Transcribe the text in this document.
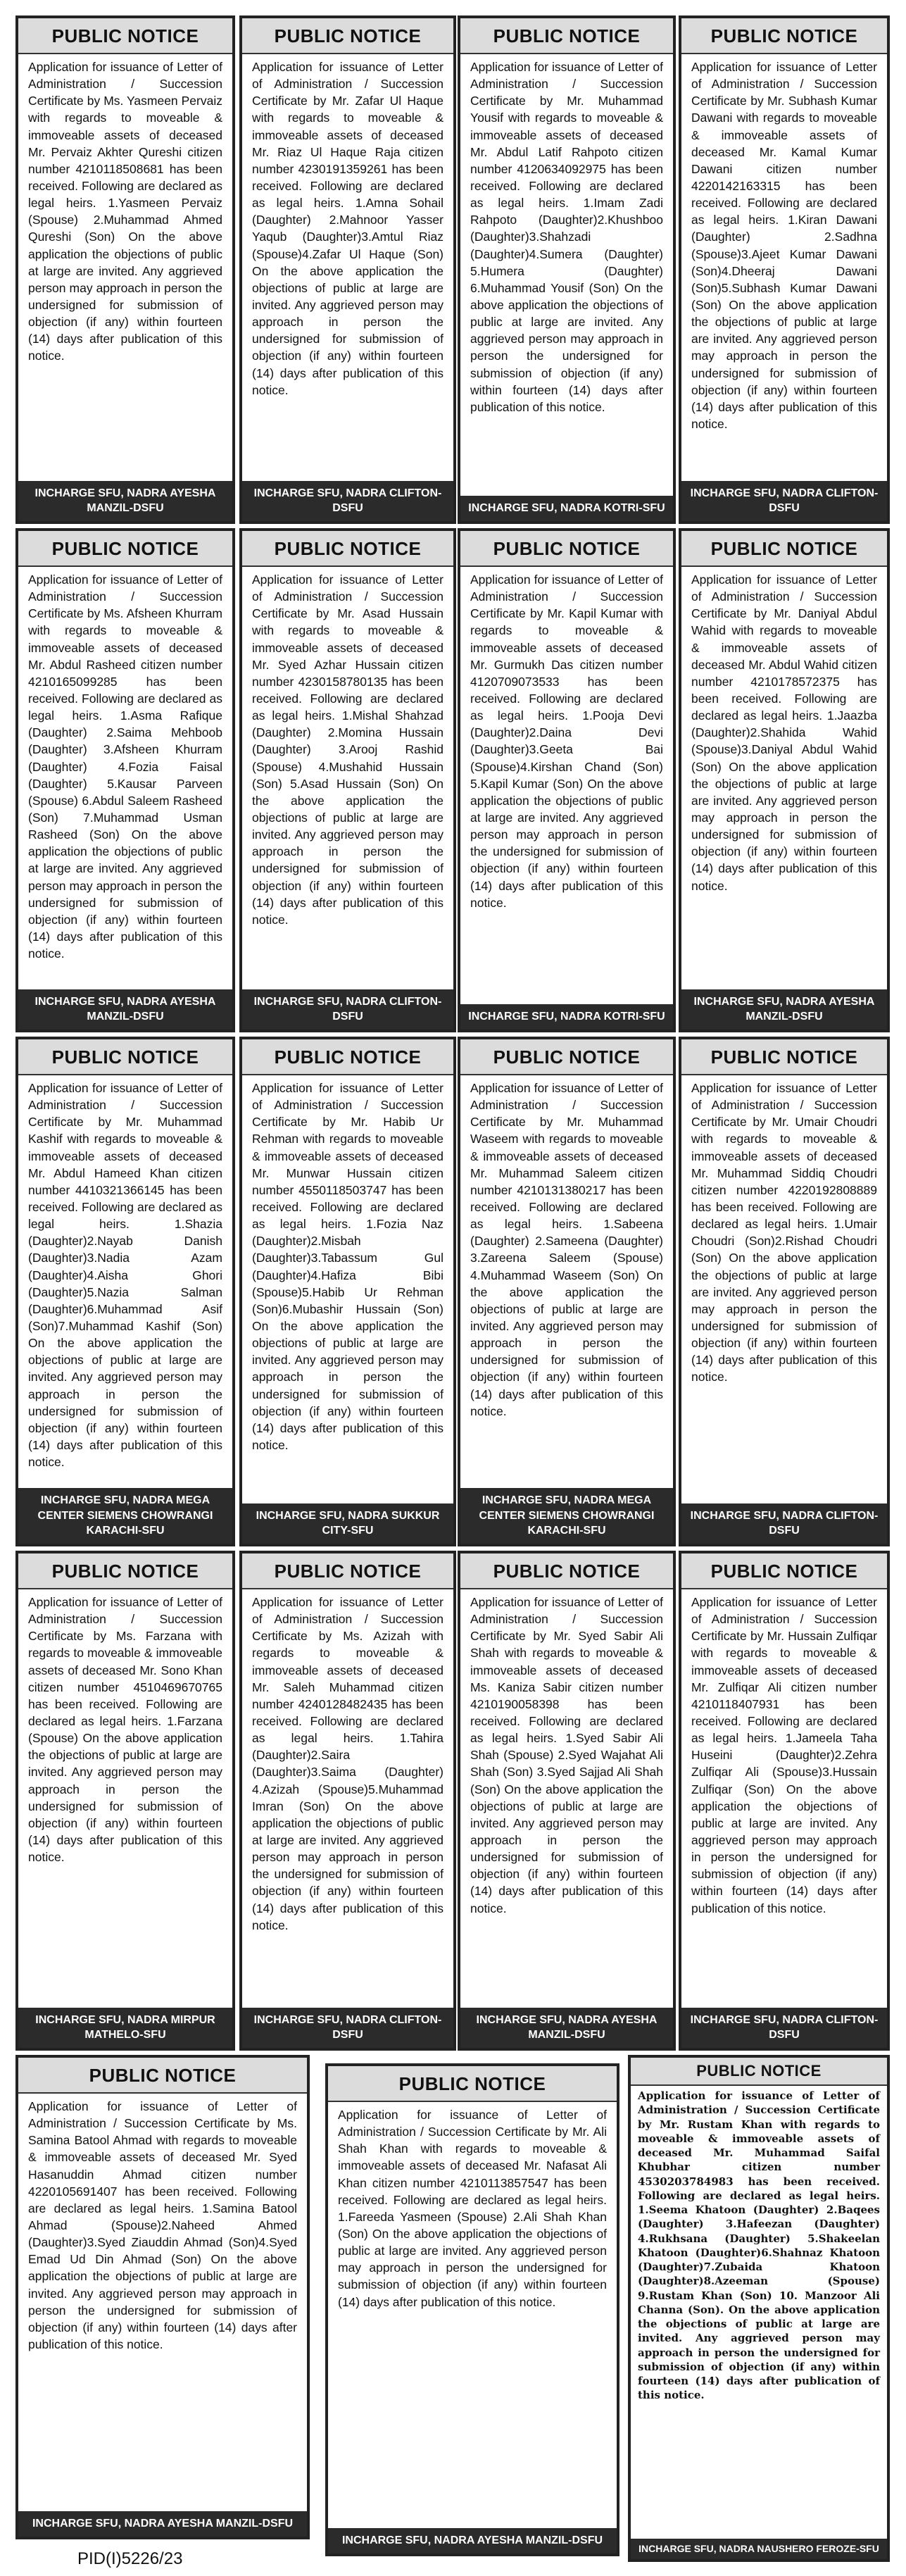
PUBLIC NOTICE
Application for issuance of Letter of Administration / Succession Certificate by Ms. Yasmeen Pervaiz with regards to moveable & immoveable assets of deceased Mr. Pervaiz Akhter Qureshi citizen number 4210118508681 has been received. Following are declared as legal heirs. 1.Yasmeen Pervaiz (Spouse) 2.Muhammad Ahmed Qureshi (Son) On the above application the objections of public at large are invited. Any aggrieved person may approach in person the undersigned for submission of objection (if any) within fourteen (14) days after publication of this notice.
INCHARGE SFU, NADRA AYESHA MANZIL-DSFU
PUBLIC NOTICE
Application for issuance of Letter of Administration / Succession Certificate by Mr. Zafar Ul Haque with regards to moveable & immoveable assets of deceased Mr. Riaz Ul Haque Raja citizen number 4230191359261 has been received. Following are declared as legal heirs. 1.Amna Sohail (Daughter) 2.Mahnoor Yasser Yaqub (Daughter)3.Amtul Riaz (Spouse)4.Zafar Ul Haque (Son) On the above application the objections of public at large are invited. Any aggrieved person may approach in person the undersigned for submission of objection (if any) within fourteen (14) days after publication of this notice.
INCHARGE SFU, NADRA CLIFTON-DSFU
PUBLIC NOTICE
Application for issuance of Letter of Administration / Succession Certificate by Mr. Muhammad Yousif with regards to moveable & immoveable assets of deceased Mr. Abdul Latif Rahpoto citizen number 4120634092975 has been received. Following are declared as legal heirs. 1.Imam Zadi Rahpoto (Daughter)2.Khushboo (Daughter)3.Shahzadi (Daughter)4.Sumera (Daughter) 5.Humera (Daughter) 6.Muhammad Yousif (Son) On the above application the objections of public at large are invited. Any aggrieved person may approach in person the undersigned for submission of objection (if any) within fourteen (14) days after publication of this notice.
INCHARGE SFU, NADRA KOTRI-SFU
PUBLIC NOTICE
Application for issuance of Letter of Administration / Succession Certificate by Mr. Subhash Kumar Dawani with regards to moveable & immoveable assets of deceased Mr. Kamal Kumar Dawani citizen number 4220142163315 has been received. Following are declared as legal heirs. 1.Kiran Dawani (Daughter) 2.Sadhna (Spouse)3.Ajeet Kumar Dawani (Son)4.Dheeraj Dawani (Son)5.Subhash Kumar Dawani (Son) On the above application the objections of public at large are invited. Any aggrieved person may approach in person the undersigned for submission of objection (if any) within fourteen (14) days after publication of this notice.
INCHARGE SFU, NADRA CLIFTON-DSFU
PUBLIC NOTICE
Application for issuance of Letter of Administration / Succession Certificate by Ms. Afsheen Khurram with regards to moveable & immoveable assets of deceased Mr. Abdul Rasheed citizen number 4210165099285 has been received. Following are declared as legal heirs. 1.Asma Rafique (Daughter) 2.Saima Mehboob (Daughter) 3.Afsheen Khurram (Daughter) 4.Fozia Faisal (Daughter) 5.Kausar Parveen (Spouse) 6.Abdul Saleem Rasheed (Son) 7.Muhammad Usman Rasheed (Son) On the above application the objections of public at large are invited. Any aggrieved person may approach in person the undersigned for submission of objection (if any) within fourteen (14) days after publication of this notice.
INCHARGE SFU, NADRA AYESHA MANZIL-DSFU
PUBLIC NOTICE
Application for issuance of Letter of Administration / Succession Certificate by Mr. Asad Hussain with regards to moveable & immoveable assets of deceased Mr. Syed Azhar Hussain citizen number 4230158780135 has been received. Following are declared as legal heirs. 1.Mishal Shahzad (Daughter) 2.Momina Hussain (Daughter) 3.Arooj Rashid (Spouse) 4.Mushahid Hussain (Son) 5.Asad Hussain (Son) On the above application the objections of public at large are invited. Any aggrieved person may approach in person the undersigned for submission of objection (if any) within fourteen (14) days after publication of this notice.
INCHARGE SFU, NADRA CLIFTON-DSFU
PUBLIC NOTICE
Application for issuance of Letter of Administration / Succession Certificate by Mr. Kapil Kumar with regards to moveable & immoveable assets of deceased Mr. Gurmukh Das citizen number 4120709073533 has been received. Following are declared as legal heirs. 1.Pooja Devi (Daughter)2.Daina Devi (Daughter)3.Geeta Bai (Spouse)4.Kirshan Chand (Son) 5.Kapil Kumar (Son) On the above application the objections of public at large are invited. Any aggrieved person may approach in person the undersigned for submission of objection (if any) within fourteen (14) days after publication of this notice.
INCHARGE SFU, NADRA KOTRI-SFU
PUBLIC NOTICE
Application for issuance of Letter of Administration / Succession Certificate by Mr. Daniyal Abdul Wahid with regards to moveable & immoveable assets of deceased Mr. Abdul Wahid citizen number 4210178572375 has been received. Following are declared as legal heirs. 1.Jaazba (Daughter)2.Shahida Wahid (Spouse)3.Daniyal Abdul Wahid (Son) On the above application the objections of public at large are invited. Any aggrieved person may approach in person the undersigned for submission of objection (if any) within fourteen (14) days after publication of this notice.
INCHARGE SFU, NADRA AYESHA MANZIL-DSFU
PUBLIC NOTICE
Application for issuance of Letter of Administration / Succession Certificate by Mr. Muhammad Kashif with regards to moveable & immoveable assets of deceased Mr. Abdul Hameed Khan citizen number 4410321366145 has been received. Following are declared as legal heirs. 1.Shazia (Daughter)2.Nayab Danish (Daughter)3.Nadia Azam (Daughter)4.Aisha Ghori (Daughter)5.Nazia Salman (Daughter)6.Muhammad Asif (Son)7.Muhammad Kashif (Son) On the above application the objections of public at large are invited. Any aggrieved person may approach in person the undersigned for submission of objection (if any) within fourteen (14) days after publication of this notice.
INCHARGE SFU, NADRA MEGA CENTER SIEMENS CHOWRANGI KARACHI-SFU
PUBLIC NOTICE
Application for issuance of Letter of Administration / Succession Certificate by Mr. Habib Ur Rehman with regards to moveable & immoveable assets of deceased Mr. Munwar Hussain citizen number 4550118503747 has been received. Following are declared as legal heirs. 1.Fozia Naz (Daughter)2.Misbah (Daughter)3.Tabassum Gul (Daughter)4.Hafiza Bibi (Spouse)5.Habib Ur Rehman (Son)6.Mubashir Hussain (Son) On the above application the objections of public at large are invited. Any aggrieved person may approach in person the undersigned for submission of objection (if any) within fourteen (14) days after publication of this notice.
INCHARGE SFU, NADRA SUKKUR CITY-SFU
PUBLIC NOTICE
Application for issuance of Letter of Administration / Succession Certificate by Mr. Muhammad Waseem with regards to moveable & immoveable assets of deceased Mr. Muhammad Saleem citizen number 4210131380217 has been received. Following are declared as legal heirs. 1.Sabeena (Daughter) 2.Sameena (Daughter) 3.Zareena Saleem (Spouse) 4.Muhammad Waseem (Son) On the above application the objections of public at large are invited. Any aggrieved person may approach in person the undersigned for submission of objection (if any) within fourteen (14) days after publication of this notice.
INCHARGE SFU, NADRA MEGA CENTER SIEMENS CHOWRANGI KARACHI-SFU
PUBLIC NOTICE
Application for issuance of Letter of Administration / Succession Certificate by Mr. Umair Choudri with regards to moveable & immoveable assets of deceased Mr. Muhammad Siddiq Choudri citizen number 4220192808889 has been received. Following are declared as legal heirs. 1.Umair Choudri (Son)2.Rishad Choudri (Son) On the above application the objections of public at large are invited. Any aggrieved person may approach in person the undersigned for submission of objection (if any) within fourteen (14) days after publication of this notice.
INCHARGE SFU, NADRA CLIFTON-DSFU
PUBLIC NOTICE
Application for issuance of Letter of Administration / Succession Certificate by Ms. Farzana with regards to moveable & immoveable assets of deceased Mr. Sono Khan citizen number 4510469670765 has been received. Following are declared as legal heirs. 1.Farzana (Spouse) On the above application the objections of public at large are invited. Any aggrieved person may approach in person the undersigned for submission of objection (if any) within fourteen (14) days after publication of this notice.
INCHARGE SFU, NADRA MIRPUR MATHELO-SFU
PUBLIC NOTICE
Application for issuance of Letter of Administration / Succession Certificate by Ms. Azizah with regards to moveable & immoveable assets of deceased Mr. Saleh Muhammad citizen number 4240128482435 has been received. Following are declared as legal heirs. 1.Tahira (Daughter)2.Saira (Daughter)3.Saima (Daughter) 4.Azizah (Spouse)5.Muhammad Imran (Son) On the above application the objections of public at large are invited. Any aggrieved person may approach in person the undersigned for submission of objection (if any) within fourteen (14) days after publication of this notice.
INCHARGE SFU, NADRA CLIFTON-DSFU
PUBLIC NOTICE
Application for issuance of Letter of Administration / Succession Certificate by Mr. Syed Sabir Ali Shah with regards to moveable & immoveable assets of deceased Ms. Kaniza Sabir citizen number 4210190058398 has been received. Following are declared as legal heirs. 1.Syed Sabir Ali Shah (Spouse) 2.Syed Wajahat Ali Shah (Son) 3.Syed Sajjad Ali Shah (Son) On the above application the objections of public at large are invited. Any aggrieved person may approach in person the undersigned for submission of objection (if any) within fourteen (14) days after publication of this notice.
INCHARGE SFU, NADRA AYESHA MANZIL-DSFU
PUBLIC NOTICE
Application for issuance of Letter of Administration / Succession Certificate by Mr. Hussain Zulfiqar with regards to moveable & immoveable assets of deceased Mr. Zulfiqar Ali citizen number 4210118407931 has been received. Following are declared as legal heirs. 1.Jameela Taha Huseini (Daughter)2.Zehra Zulfiqar Ali (Spouse)3.Hussain Zulfiqar (Son) On the above application the objections of public at large are invited. Any aggrieved person may approach in person the undersigned for submission of objection (if any) within fourteen (14) days after publication of this notice.
INCHARGE SFU, NADRA CLIFTON-DSFU
PUBLIC NOTICE
Application for issuance of Letter of Administration / Succession Certificate by Ms. Samina Batool Ahmad with regards to moveable & immoveable assets of deceased Mr. Syed Hasanuddin Ahmad citizen number 4220105691407 has been received. Following are declared as legal heirs. 1.Samina Batool Ahmad (Spouse)2.Naheed Ahmed (Daughter)3.Syed Ziauddin Ahmad (Son)4.Syed Emad Ud Din Ahmad (Son) On the above application the objections of public at large are invited. Any aggrieved person may approach in person the undersigned for submission of objection (if any) within fourteen (14) days after publication of this notice.
INCHARGE SFU, NADRA AYESHA MANZIL-DSFU
PUBLIC NOTICE
Application for issuance of Letter of Administration / Succession Certificate by Mr. Ali Shah Khan with regards to moveable & immoveable assets of deceased Mr. Nafasat Ali Khan citizen number 4210113857547 has been received. Following are declared as legal heirs. 1.Fareeda Yasmeen (Spouse) 2.Ali Shah Khan (Son) On the above application the objections of public at large are invited. Any aggrieved person may approach in person the undersigned for submission of objection (if any) within fourteen (14) days after publication of this notice.
INCHARGE SFU, NADRA AYESHA MANZIL-DSFU
PUBLIC NOTICE
Application for issuance of Letter of Administration / Succession Certificate by Mr. Rustam Khan with regards to moveable & immoveable assets of deceased Mr. Muhammad Saifal Khubhar citizen number 4530203784983 has been received. Following are declared as legal heirs. 1.Seema Khatoon (Daughter) 2.Baqees (Daughter) 3.Hafeezan (Daughter) 4.Rukhsana (Daughter) 5.Shakeelan Khatoon (Daughter)6.Shahnaz Khatoon (Daughter)7.Zubaida Khatoon (Daughter)8.Azeeman (Spouse) 9.Rustam Khan (Son) 10. Manzoor Ali Channa (Son). On the above application the objections of public at large are invited. Any aggrieved person may approach in person the undersigned for submission of objection (if any) within fourteen (14) days after publication of this notice.
INCHARGE SFU, NADRA NAUSHERO FEROZE-SFU
PID(I)5226/23
